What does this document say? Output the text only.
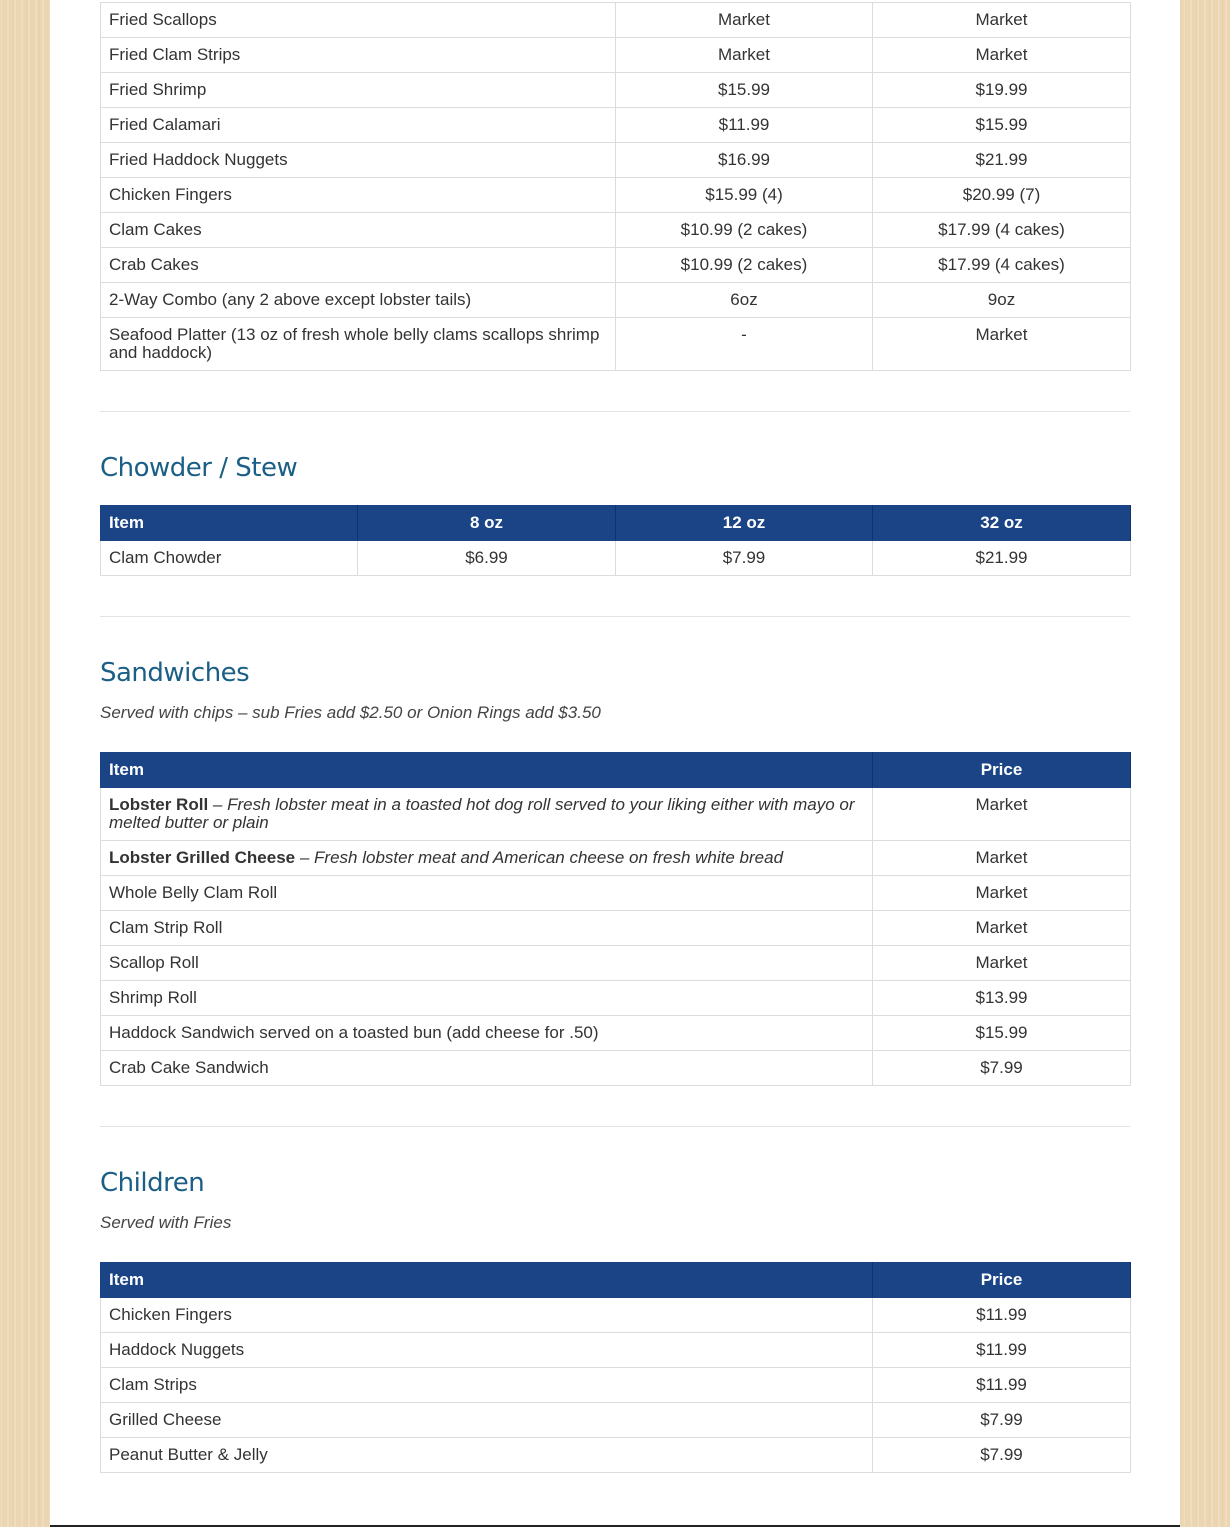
Fried Scallops	Market	Market
Fried Clam Strips	Market	Market
Fried Shrimp	$15.99	$19.99
Fried Calamari	$11.99	$15.99
Fried Haddock Nuggets	$16.99	$21.99
Chicken Fingers	$15.99 (4)	$20.99 (7)
Clam Cakes	$10.99 (2 cakes)	$17.99 (4 cakes)
Crab Cakes	$10.99 (2 cakes)	$17.99 (4 cakes)
2-Way Combo (any 2 above except lobster tails)	6oz	9oz
Seafood Platter (13 oz of fresh whole belly clams scallops shrimp and haddock)	-	Market
Chowder / Stew
Item	8 oz	12 oz	32 oz
Clam Chowder	$6.99	$7.99	$21.99
Sandwiches

Served with chips – sub Fries add $2.50 or Onion Rings add $3.50

Item	Price
Lobster Roll – Fresh lobster meat in a toasted hot dog roll served to your liking either with mayo or melted butter or plain	Market
Lobster Grilled Cheese – Fresh lobster meat and American cheese on fresh white bread	Market
Whole Belly Clam Roll	Market
Clam Strip Roll	Market
Scallop Roll	Market
Shrimp Roll	$13.99
Haddock Sandwich served on a toasted bun (add cheese for .50)	$15.99
Crab Cake Sandwich	$7.99
Children

Served with Fries

Item	Price
Chicken Fingers	$11.99
Haddock Nuggets	$11.99
Clam Strips	$11.99
Grilled Cheese	$7.99
Peanut Butter & Jelly	$7.99
